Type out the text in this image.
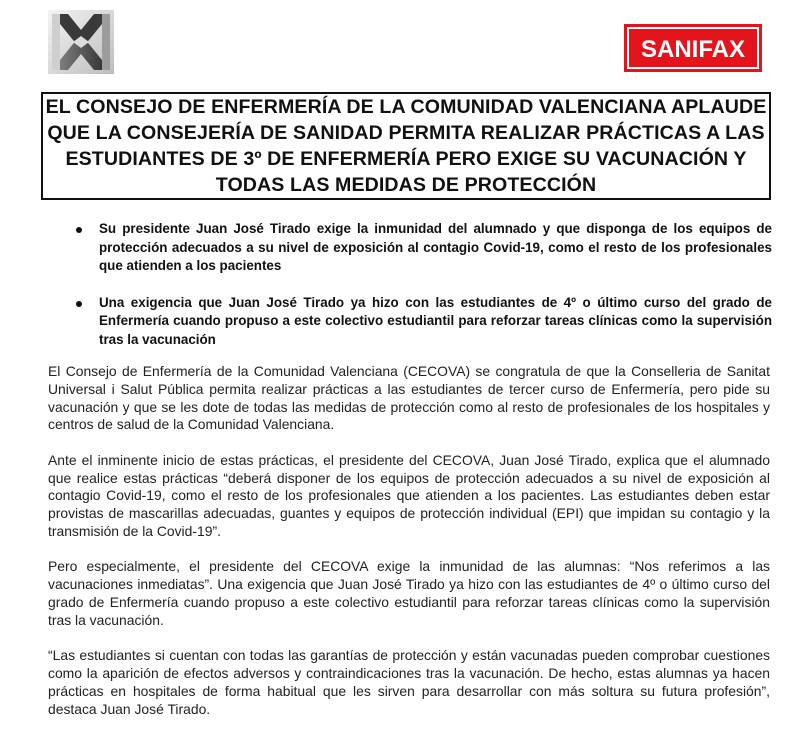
SANIFAX
EL CONSEJO DE ENFERMERÍA DE LA COMUNIDAD VALENCIANA APLAUDE QUE LA CONSEJERÍA DE SANIDAD PERMITA REALIZAR PRÁCTICAS A LAS ESTUDIANTES DE 3º DE ENFERMERÍA PERO EXIGE SU VACUNACIÓN Y TODAS LAS MEDIDAS DE PROTECCIÓN
Su presidente Juan José Tirado exige la inmunidad del alumnado y que disponga de los equipos de protección adecuados a su nivel de exposición al contagio Covid-19, como el resto de los profesionales que atienden a los pacientes
Una exigencia que Juan José Tirado ya hizo con las estudiantes de 4º o último curso del grado de Enfermería cuando propuso a este colectivo estudiantil para reforzar tareas clínicas como la supervisión tras la vacunación

El Consejo de Enfermería de la Comunidad Valenciana (CECOVA) se congratula de que la Conselleria de Sanitat Universal i Salut Pública permita realizar prácticas a las estudiantes de tercer curso de Enfermería, pero pide su vacunación y que se les dote de todas las medidas de protección como al resto de profesionales de los hospitales y centros de salud de la Comunidad Valenciana.

Ante el inminente inicio de estas prácticas, el presidente del CECOVA, Juan José Tirado, explica que el alumnado que realice estas prácticas “deberá disponer de los equipos de protección adecuados a su nivel de exposición al contagio Covid-19, como el resto de los profesionales que atienden a los pacientes. Las estudiantes deben estar provistas de mascarillas adecuadas, guantes y equipos de protección individual (EPI) que impidan su contagio y la transmisión de la Covid-19”.

Pero especialmente, el presidente del CECOVA exige la inmunidad de las alumnas: “Nos referimos a las vacunaciones inmediatas”. Una exigencia que Juan José Tirado ya hizo con las estudiantes de 4º o último curso del grado de Enfermería cuando propuso a este colectivo estudiantil para reforzar tareas clínicas como la supervisión tras la vacunación.

“Las estudiantes si cuentan con todas las garantías de protección y están vacunadas pueden comprobar cuestiones como la aparición de efectos adversos y contraindicaciones tras la vacunación. De hecho, estas alumnas ya hacen prácticas en hospitales de forma habitual que les sirven para desarrollar con más soltura su futura profesión”, destaca Juan José Tirado.
